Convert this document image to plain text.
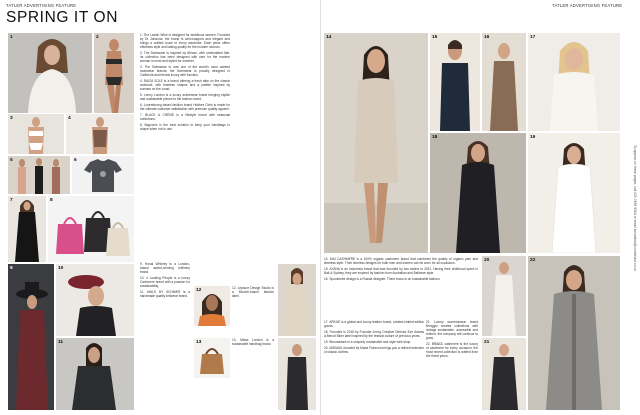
TATLER ADVERTISING FEATURE	TATLER ADVERTISING FEATURE
SPRING IT ON
1	2
3	4
5	6
7	8
9	10
11

1. The Lavish Wine is designed for ambitious women. Founded by Dr Johanna, the brand is well-wrapped and elegant and brings a crafted touch to every wardrobe. Each piece offers effortless style and lasting quality for the modern woman.

2. The Swimwear is inspired by African, with understated flair. Its collection has been designed with care for the modern woman in mind and styled for summer.

3. The Swimwear is now one of the world's most wanted swimwear brands; the Swimwear is proudly designed in California and blends luxury with function.

4. RAIZA SOLE is a brand offering a fresh take on the classic swimsuit, with timeless shapes and a palette inspired by sunsets on the coast.

5. Lenny London is a luxury activewear brand bringing stylish and sustainable pieces to the fashion world.

6. Luxembourg based fashion brand Hobbes Cielo is made for the ultimate customer satisfaction with premium quality apparel.

7. BLACK & CRÈME is a lifestyle brand with seasonal collections.

8. Bagvonic is the best solution to keep your handbags in shape when not in use.

9. Hosai Whitney is a London-based award-winning millinery brand.

10. 4 Looking People is a luxury Cashmere brand with a passion for sustainability.

11. HAILE BY SCHNIER is a handmade quality knitwear brand.

12	12. Lepsure Design Studio is a Munich-based fashion label.

13	13. Missa London is a sustainable handbag brand.

14	15	16	17
18	19

14. MAI CASHMERE is a 100% organic cashmere brand that combines the quality of organic yarn and timeless style. Their timeless designs for both men and women can be worn for all occasions.

15. AYANA is an Indonesia brand that was founded by two sisters in 2021. Having their childhood spent in Bali & Sydney, they are inspired by fashion from Australian and Balinese style.

16. Spookeebe design is a Russia designer. There focus is on sustainable fashion.

17. ARKUE is a global and luxury leather brand, creates limited edition goods.

18. Founded in 2018 by Founder Jenny Creative Director Eve Adams a Benoit Biker label inspired by the festival culture of previous years.

19. Bloomadare is a uniquely sustainable and style web shop.

20. MIDMAIL founded by Maria Fiorenza brings you a refined selection of classic clothes.

21. Luxury womenswear brand Bringglo creates collections with vintage sustainable, accessible and refined, the company will continue to grow.

22. BRAIDL cashmere is the luxury of cashmere for every occasion: the most recent collection is crafted from the finest yarns.

20
21
22	To appear on these pages, call 020 7499 9364 or email ksindalim@condenast.co.uk
